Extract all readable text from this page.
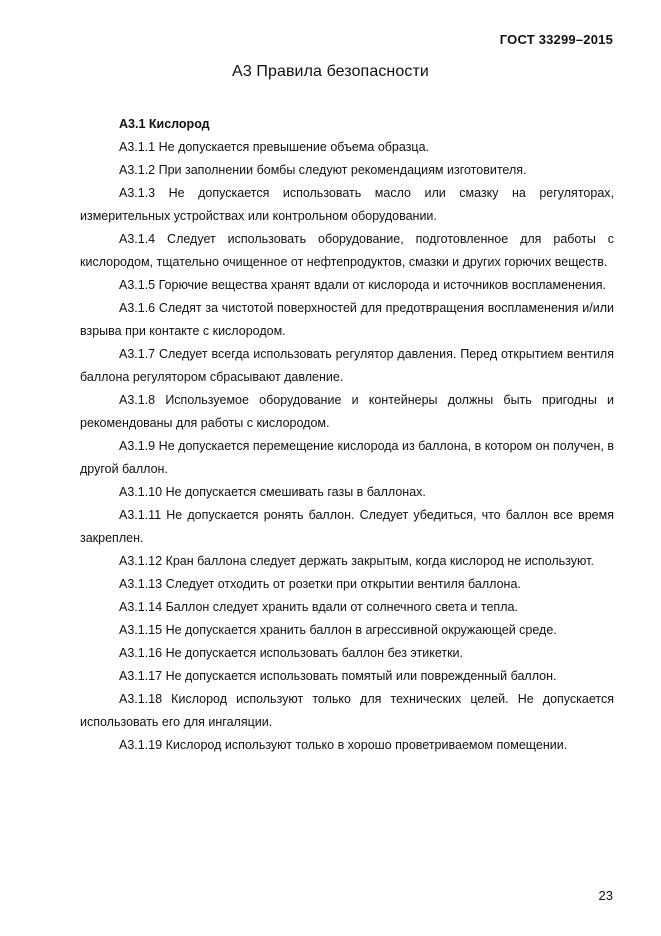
ГОСТ 33299–2015
А3 Правила безопасности

А3.1 Кислород

А3.1.1 Не допускается превышение объема образца.

А3.1.2 При заполнении бомбы следуют рекомендациям изготовителя.

А3.1.3 Не допускается использовать масло или смазку на регуляторах, измерительных устройствах или контрольном оборудовании.

А3.1.4 Следует использовать оборудование, подготовленное для работы с кислородом, тщательно очищенное от нефтепродуктов, смазки и других горючих веществ.

А3.1.5 Горючие вещества хранят вдали от кислорода и источников воспламенения.

А3.1.6 Следят за чистотой поверхностей для предотвращения воспламенения и/или взрыва при контакте с кислородом.

А3.1.7 Следует всегда использовать регулятор давления. Перед открытием вентиля баллона регулятором сбрасывают давление.

А3.1.8 Используемое оборудование и контейнеры должны быть пригодны и рекомендованы для работы с кислородом.

А3.1.9 Не допускается перемещение кислорода из баллона, в котором он получен, в другой баллон.

А3.1.10 Не допускается смешивать газы в баллонах.

А3.1.11 Не допускается ронять баллон. Следует убедиться, что баллон все время закреплен.

А3.1.12 Кран баллона следует держать закрытым, когда кислород не используют.

А3.1.13 Следует отходить от розетки при открытии вентиля баллона.

А3.1.14 Баллон следует хранить вдали от солнечного света и тепла.

А3.1.15 Не допускается хранить баллон в агрессивной окружающей среде.

А3.1.16 Не допускается использовать баллон без этикетки.

А3.1.17 Не допускается использовать помятый или поврежденный баллон.

А3.1.18 Кислород используют только для технических целей. Не допускается использовать его для ингаляции.

А3.1.19 Кислород используют только в хорошо проветриваемом помещении.

23
